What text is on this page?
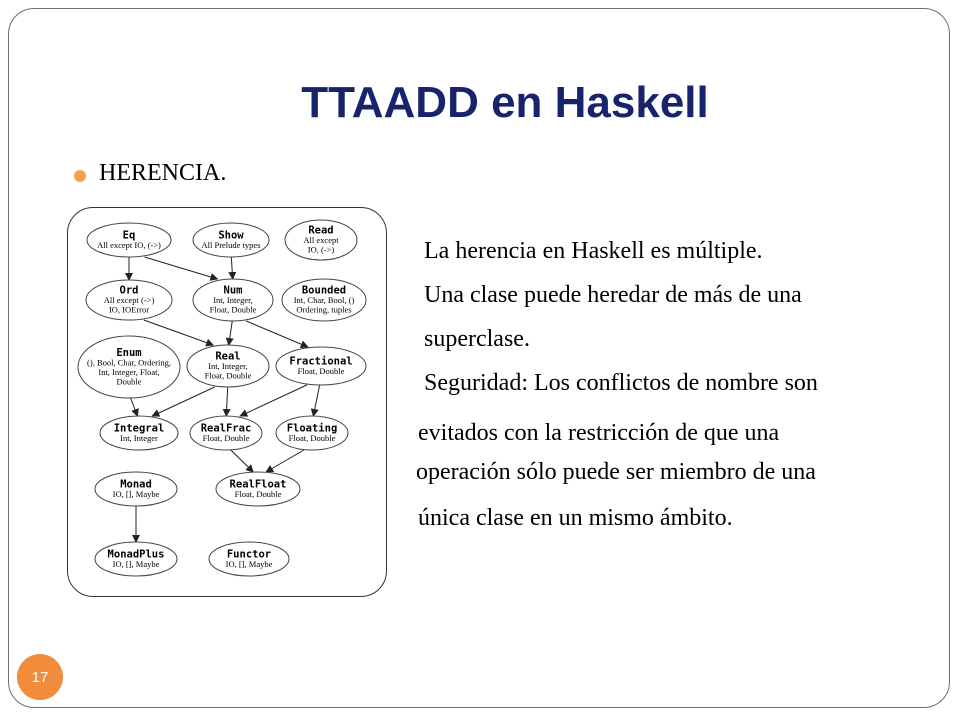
TTAADD en Haskell
HERENCIA.
Eq
All except IO, (->)
Show
All Prelude types
Read
All except
IO, (->)
Ord
All except (->)
IO, IOError
Num
Int, Integer,
Float, Double
Bounded
Int, Char, Bool, ()
Ordering, tuples
Enum
(), Bool, Char, Ordering,
Int, Integer, Float,
Double
Real
Int, Integer,
Float, Double
Fractional
Float, Double
Integral
Int, Integer
RealFrac
Float, Double
Floating
Float, Double
Monad
IO, [], Maybe
RealFloat
Float, Double
MonadPlus
IO, [], Maybe
Functor
IO, [], Maybe
La herencia en Haskell es múltiple.
Una clase puede heredar de más de una
superclase.
Seguridad: Los conflictos de nombre son
evitados con la restricción de que una
operación sólo puede ser miembro de una
única clase en un mismo ámbito.
17
